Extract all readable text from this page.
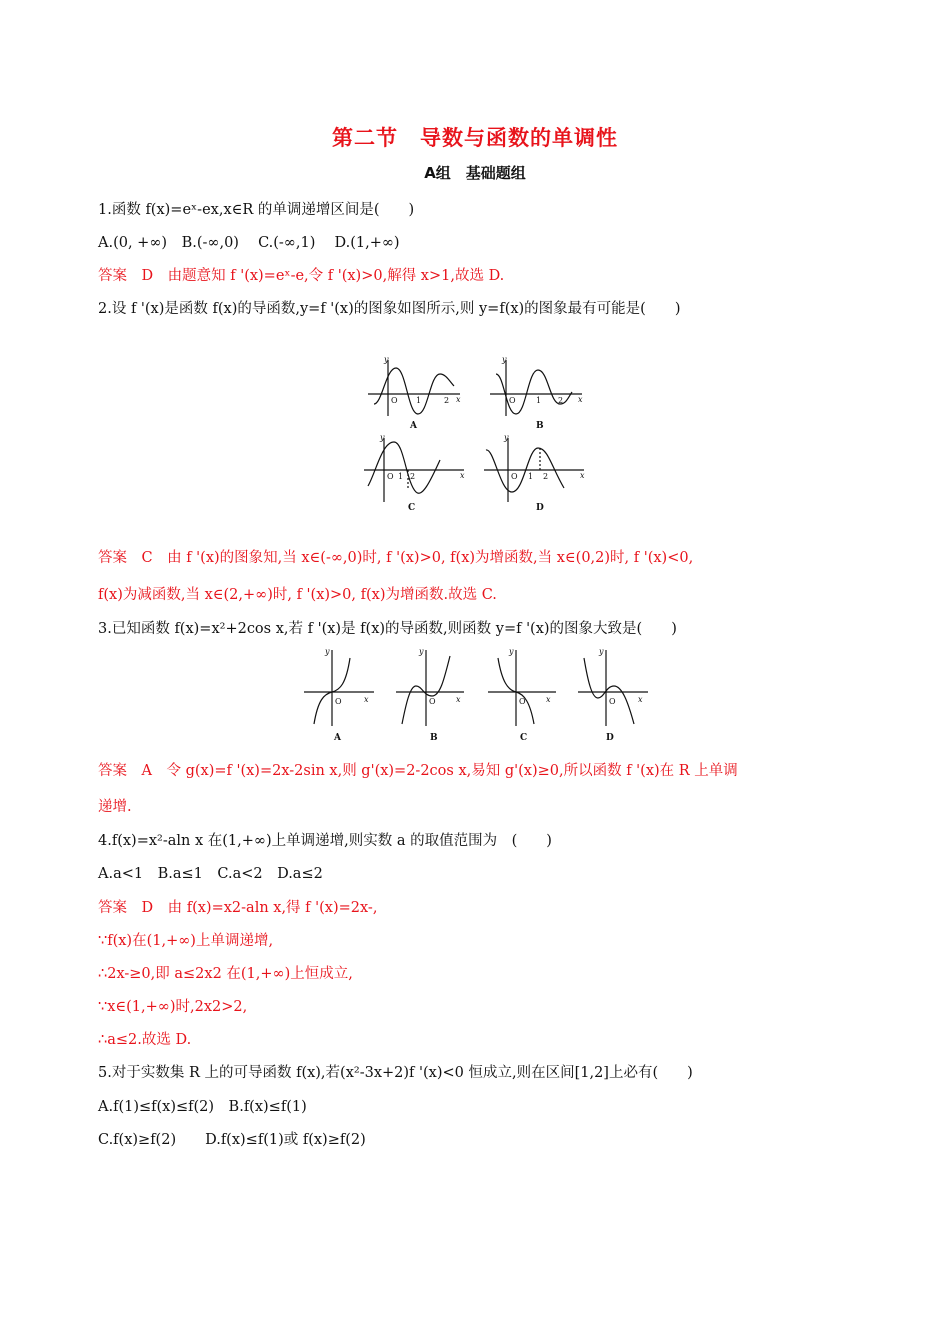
第二节　导数与函数的单调性
A组　基础题组
1.函数 f(x)=eˣ-ex,x∈R 的单调递增区间是(　　)
A.(0, +∞)　B.(-∞,0)　 C.(-∞,1)　 D.(1,+∞)
答案　D　由题意知 f '(x)=eˣ-e,令 f '(x)>0,解得 x>1,故选 D.
2.设 f '(x)是函数 f(x)的导函数,y=f '(x)的图象如图所示,则 y=f(x)的图象最有可能是(　　)
y
x
y
x
y
x
y
x
O 1	2	O	1 2
O 1 2	O 1 2
A	B
C	D
答案　C　由 f '(x)的图象知,当 x∈(-∞,0)时, f '(x)>0, f(x)为增函数,当 x∈(0,2)时, f '(x)<0,
f(x)为减函数,当 x∈(2,+∞)时, f '(x)>0, f(x)为增函数.故选 C.
3.已知函数 f(x)=x²+2cos x,若 f '(x)是 f(x)的导函数,则函数 y=f '(x)的图象大致是(　　)
y
x
y
x
y
x
y
x
O	O	O	O
A	B	C	D
答案　A　令 g(x)=f '(x)=2x-2sin x,则 g'(x)=2-2cos x,易知 g'(x)≥0,所以函数 f '(x)在 R 上单调
递增.
4.f(x)=x²-aln x 在(1,+∞)上单调递增,则实数 a 的取值范围为　(　　)
A.a<1　B.a≤1　C.a<2　D.a≤2
答案　D　由 f(x)=x2-aln x,得 f '(x)=2x-,
∵f(x)在(1,+∞)上单调递增,
∴2x-≥0,即 a≤2x2 在(1,+∞)上恒成立,
∵x∈(1,+∞)时,2x2>2,
∴a≤2.故选 D.
5.对于实数集 R 上的可导函数 f(x),若(x²-3x+2)f '(x)<0 恒成立,则在区间[1,2]上必有(　　)
A.f(1)≤f(x)≤f(2)　B.f(x)≤f(1)
C.f(x)≥f(2)　　D.f(x)≤f(1)或 f(x)≥f(2)
